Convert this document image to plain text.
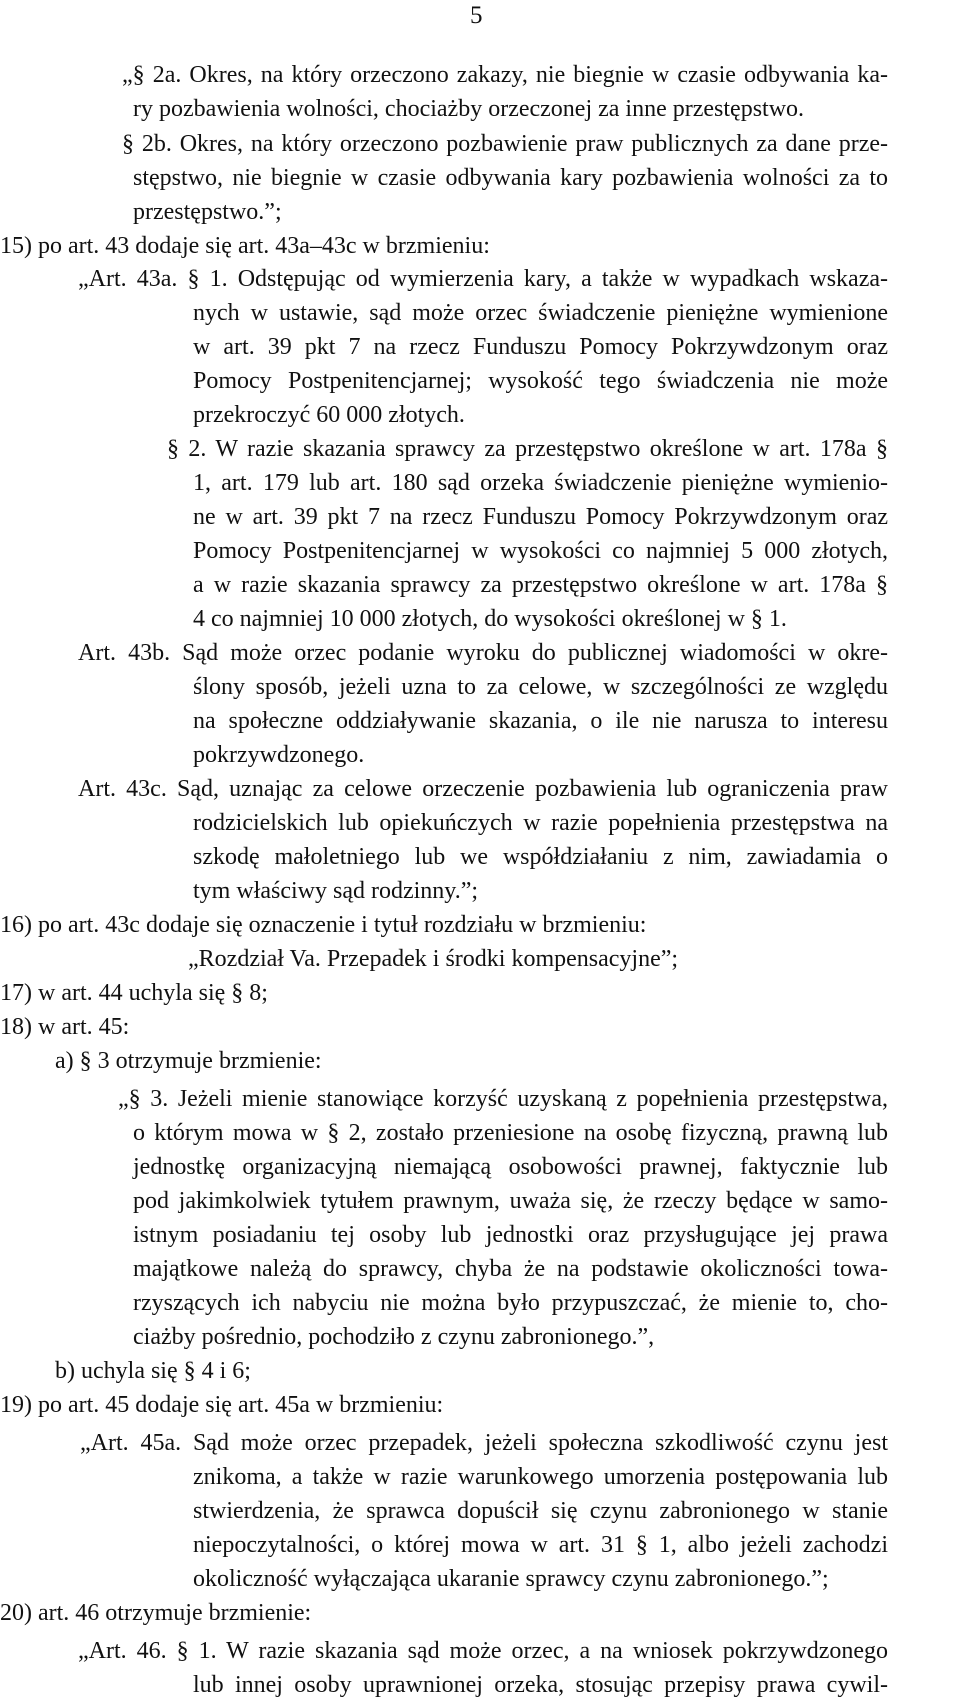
5
„§ 2a. Okres, na który orzeczono zakazy, nie biegnie w czasie odbywania ka-
ry pozbawienia wolności, chociażby orzeczonej za inne przestępstwo.
§ 2b. Okres, na który orzeczono pozbawienie praw publicznych za dane prze-
stępstwo, nie biegnie w czasie odbywania kary pozbawienia wolności za to
przestępstwo.”;
15) po art. 43 dodaje się art. 43a–43c w brzmieniu:
„Art. 43a. § 1. Odstępując od wymierzenia kary, a także w wypadkach wskaza-
nych w ustawie, sąd może orzec świadczenie pieniężne wymienione
w art. 39 pkt 7 na rzecz Funduszu Pomocy Pokrzywdzonym oraz
Pomocy Postpenitencjarnej; wysokość tego świadczenia nie może
przekroczyć 60 000 złotych.
§ 2. W razie skazania sprawcy za przestępstwo określone w art. 178a §
1, art. 179 lub art. 180 sąd orzeka świadczenie pieniężne wymienio-
ne w art. 39 pkt 7 na rzecz Funduszu Pomocy Pokrzywdzonym oraz
Pomocy Postpenitencjarnej w wysokości co najmniej 5 000 złotych,
a w razie skazania sprawcy za przestępstwo określone w art. 178a §
4 co najmniej 10 000 złotych, do wysokości określonej w § 1.
Art. 43b. Sąd może orzec podanie wyroku do publicznej wiadomości w okre-
ślony sposób, jeżeli uzna to za celowe, w szczególności ze względu
na społeczne oddziaływanie skazania, o ile nie narusza to interesu
pokrzywdzonego.
Art. 43c. Sąd, uznając za celowe orzeczenie pozbawienia lub ograniczenia praw
rodzicielskich lub opiekuńczych w razie popełnienia przestępstwa na
szkodę małoletniego lub we współdziałaniu z nim, zawiadamia o
tym właściwy sąd rodzinny.”;
16) po art. 43c dodaje się oznaczenie i tytuł rozdziału w brzmieniu:
„Rozdział Va. Przepadek i środki kompensacyjne”;
17) w art. 44 uchyla się § 8;
18) w art. 45:
a) § 3 otrzymuje brzmienie:
„§ 3. Jeżeli mienie stanowiące korzyść uzyskaną z popełnienia przestępstwa,
o którym mowa w § 2, zostało przeniesione na osobę fizyczną, prawną lub
jednostkę organizacyjną niemającą osobowości prawnej, faktycznie lub
pod jakimkolwiek tytułem prawnym, uważa się, że rzeczy będące w samo-
istnym posiadaniu tej osoby lub jednostki oraz przysługujące jej prawa
majątkowe należą do sprawcy, chyba że na podstawie okoliczności towa-
rzyszących ich nabyciu nie można było przypuszczać, że mienie to, cho-
ciażby pośrednio, pochodziło z czynu zabronionego.”,
b) uchyla się § 4 i 6;
19) po art. 45 dodaje się art. 45a w brzmieniu:
„Art. 45a. Sąd może orzec przepadek, jeżeli społeczna szkodliwość czynu jest
znikoma, a także w razie warunkowego umorzenia postępowania lub
stwierdzenia, że sprawca dopuścił się czynu zabronionego w stanie
niepoczytalności, o której mowa w art. 31 § 1, albo jeżeli zachodzi
okoliczność wyłączająca ukaranie sprawcy czynu zabronionego.”;
20) art. 46 otrzymuje brzmienie:
„Art. 46. § 1. W razie skazania sąd może orzec, a na wniosek pokrzywdzonego
lub innej osoby uprawnionej orzeka, stosując przepisy prawa cywil-
